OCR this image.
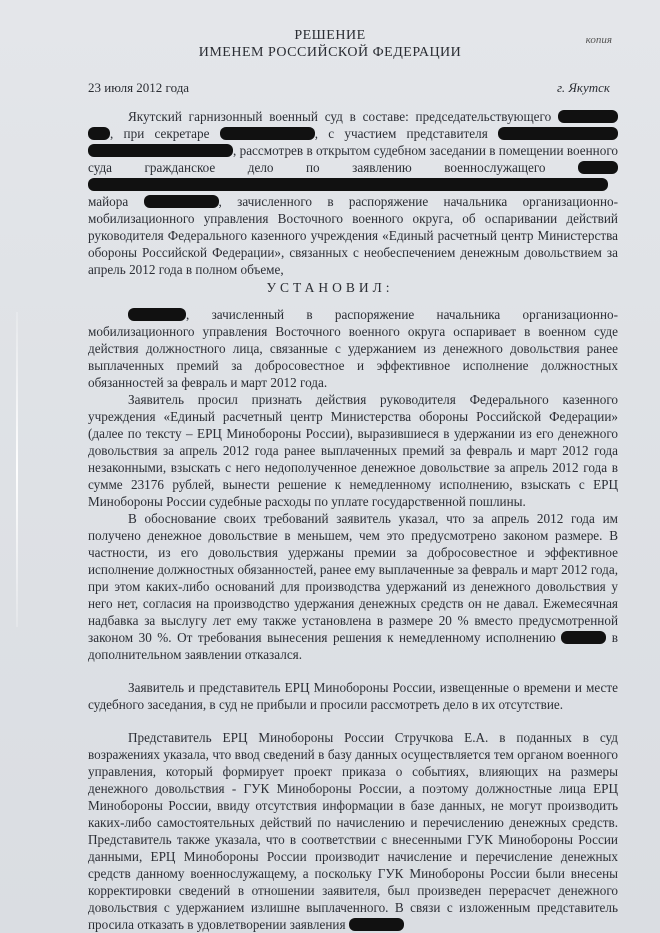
копия
РЕШЕНИЕ
ИМЕНЕМ РОССИЙСКОЙ ФЕДЕРАЦИИ
23 июля 2012 года	г. Якутск

Якутский гарнизонный военный суд в составе: председательствующего  , при секретаре	, с участием представителя  , рассмотрев в открытом судебном заседании в помещении военного суда гражданское дело по заявлению военнослужащего   майора	, зачисленного в распоряжение начальника организационно-мобилизационного управления Восточного военного округа, об оспаривании действий руководителя Федерального казенного учреждения «Единый расчетный центр Министерства обороны Российской Федерации», связанных с необеспечением денежным довольствием за апрель 2012 года в полном объеме,

УСТАНОВИЛ:

, зачисленный в распоряжение начальника организационно-мобилизационного управления Восточного военного округа оспаривает в военном суде действия должностного лица, связанные с удержанием из денежного довольствия ранее выплаченных премий за добросовестное и эффективное исполнение должностных обязанностей за февраль и март 2012 года.

Заявитель просил признать действия руководителя Федерального казенного учреждения «Единый расчетный центр Министерства обороны Российской Федерации» (далее по тексту – ЕРЦ Минобороны России), выразившиеся в удержании из его денежного довольствия за апрель 2012 года ранее выплаченных премий за февраль и март 2012 года незаконными, взыскать с него недополученное денежное довольствие за апрель 2012 года в сумме 23176 рублей, вынести решение к немедленному исполнению, взыскать с ЕРЦ Минобороны России судебные расходы по уплате государственной пошлины.

В обоснование своих требований заявитель указал, что за апрель 2012 года им получено денежное довольствие в меньшем, чем это предусмотрено законом размере. В частности, из его довольствия удержаны премии за добросовестное и эффективное исполнение должностных обязанностей, ранее ему выплаченные за февраль и март 2012 года, при этом каких-либо оснований для производства удержаний из денежного довольствия у него нет, согласия на производство удержания денежных средств он не давал. Ежемесячная надбавка за выслугу лет ему также установлена в размере 20 % вместо предусмотренной законом 30 %. От требования вынесения решения к немедленному исполнению	в дополнительном заявлении отказался.

Заявитель и представитель ЕРЦ Минобороны России, извещенные о времени и месте судебного заседания, в суд не прибыли и просили рассмотреть дело в их отсутствие.

Представитель ЕРЦ Минобороны России Стручкова Е.А. в поданных в суд возражениях указала, что ввод сведений в базу данных осуществляется тем органом военного управления, который формирует проект приказа о событиях, влияющих на размеры денежного довольствия - ГУК Минобороны России, а поэтому должностные лица ЕРЦ Минобороны России, ввиду отсутствия информации в базе данных, не могут производить каких-либо самостоятельных действий по начислению и перечислению денежных средств. Представитель также указала, что в соответствии с внесенными ГУК Минобороны России данными, ЕРЦ Минобороны России производит начисление и перечисление денежных средств данному военнослужащему, а поскольку ГУК Минобороны России были внесены корректировки сведений в отношении заявителя, был произведен перерасчет денежного довольствия с удержанием излишне выплаченного. В связи с изложенным представитель просила отказать в удовлетворении заявления
